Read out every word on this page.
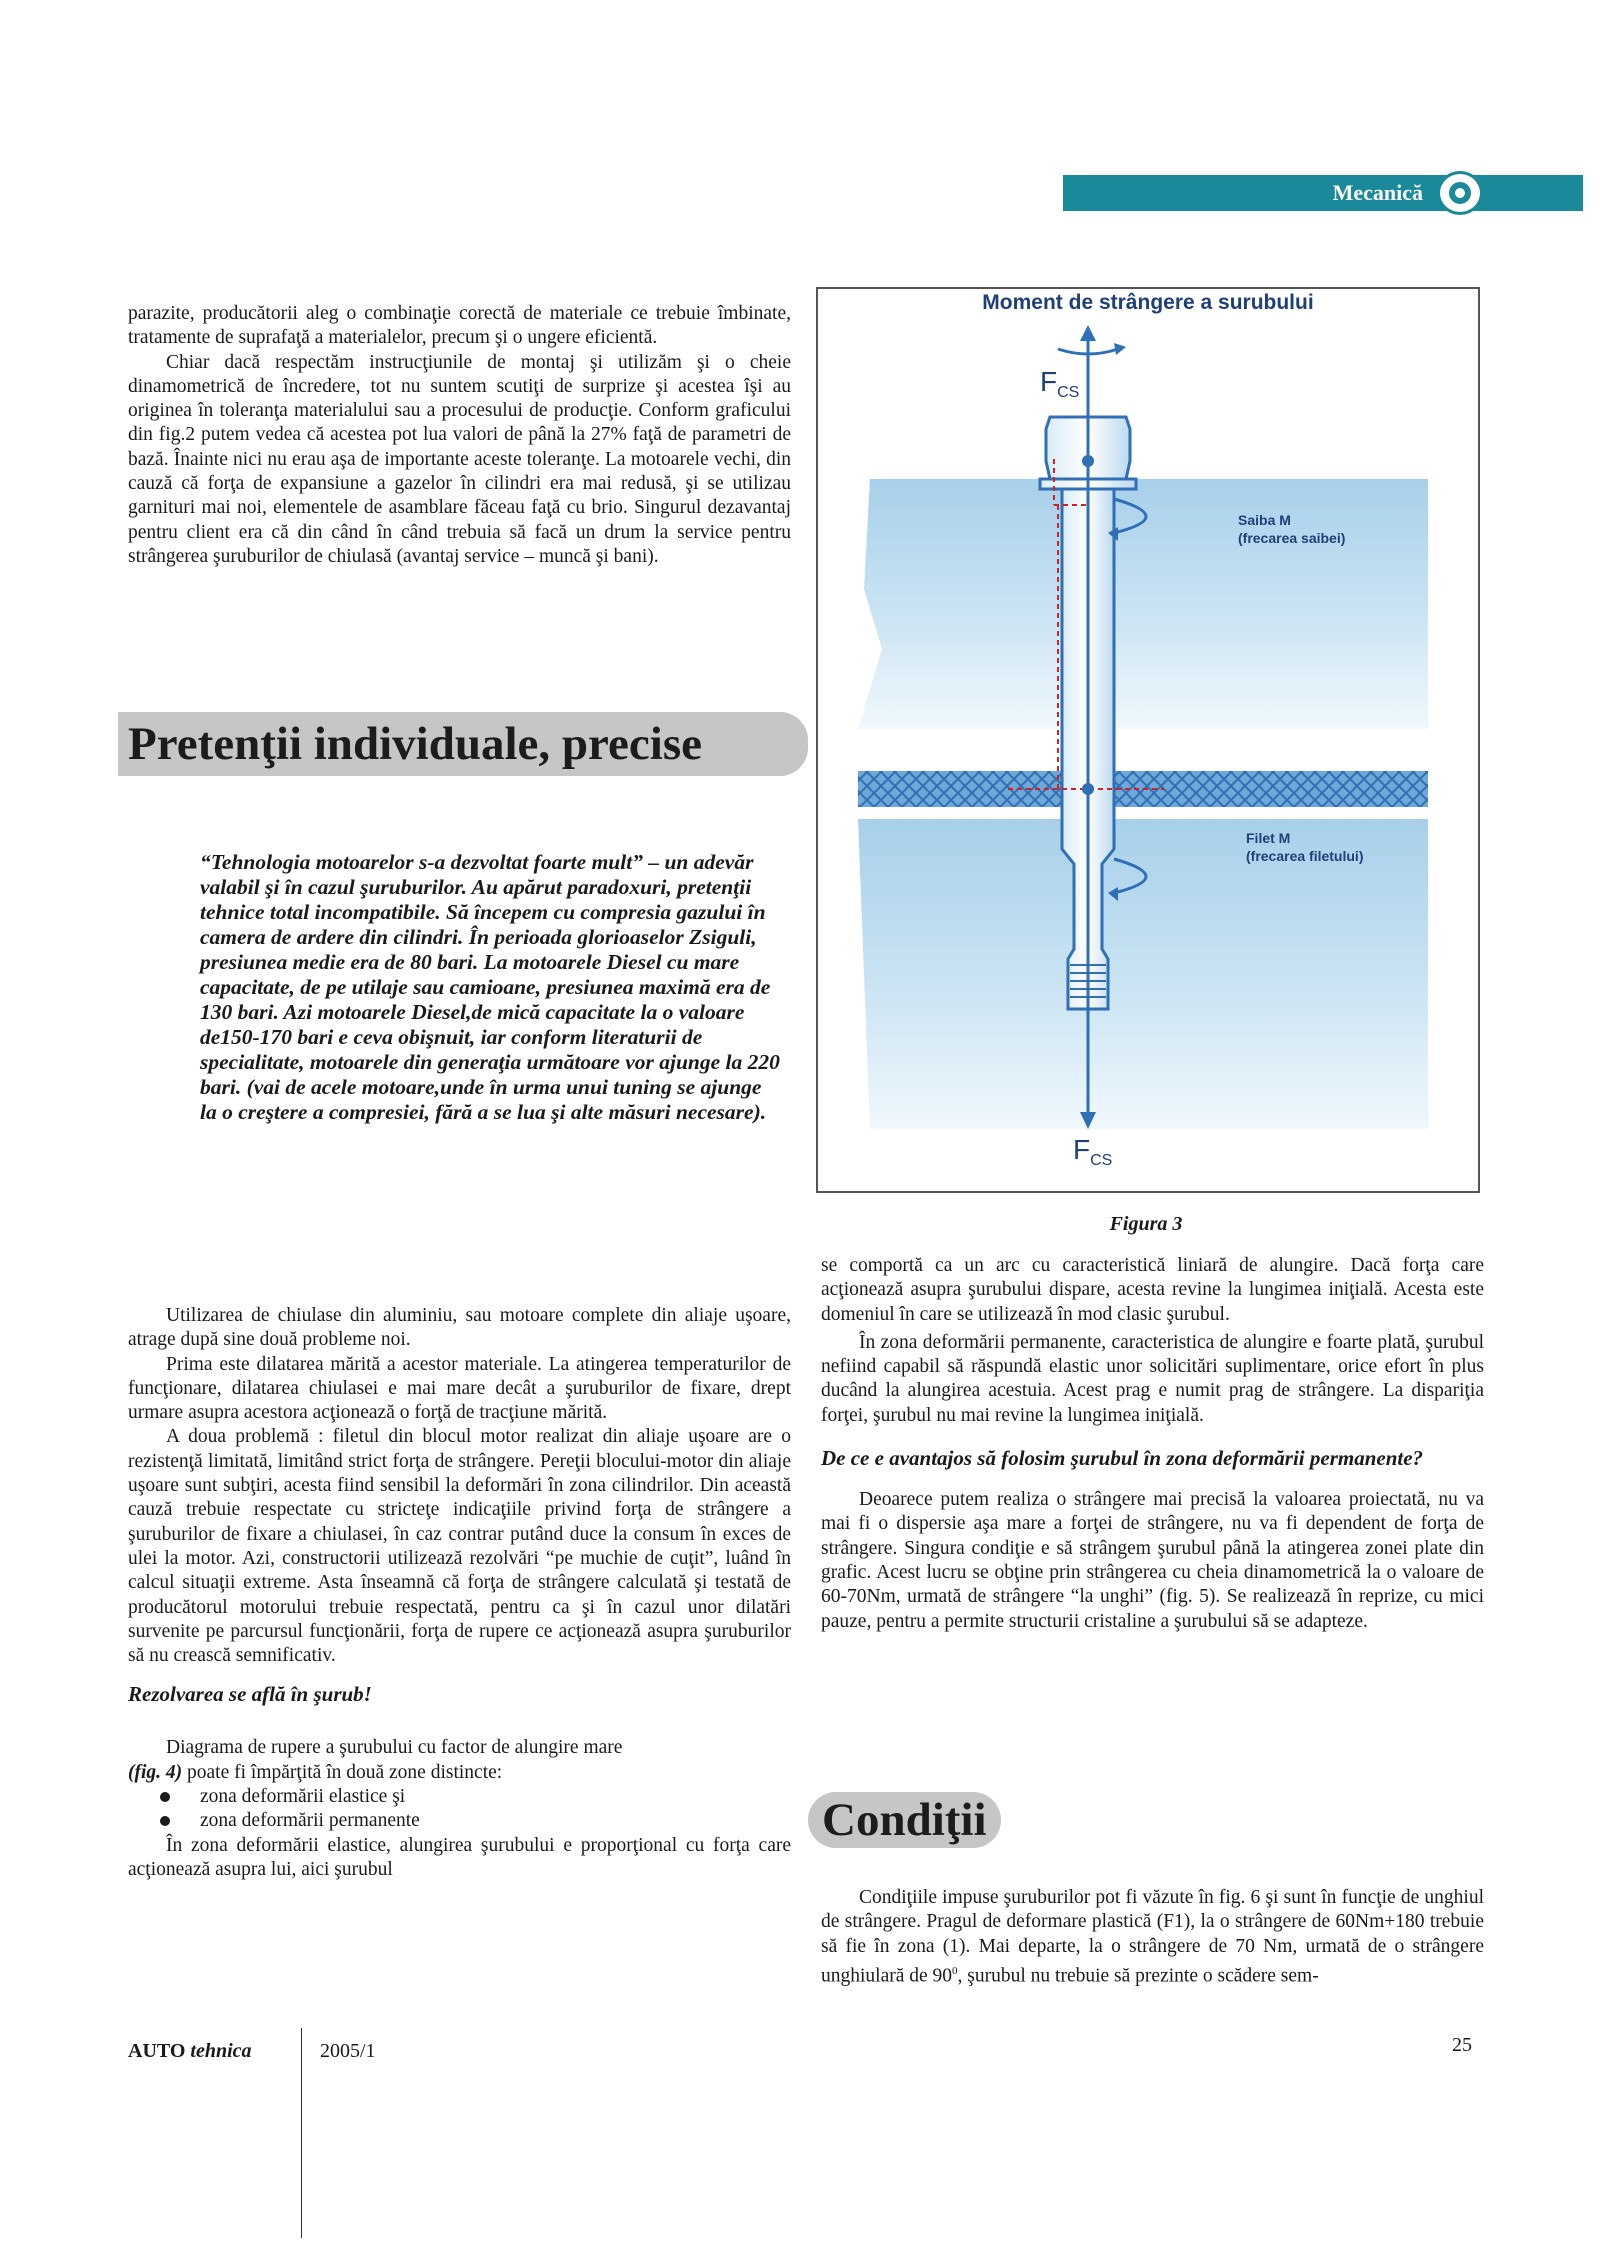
Mecanică

parazite, producătorii aleg o combinaţie corectă de materiale ce trebuie îmbinate, tratamente de suprafaţă a materialelor, precum şi o ungere eficientă.

Chiar dacă respectăm instrucţiunile de montaj şi utilizăm şi o cheie dinamometrică de încredere, tot nu suntem scutiţi de surprize şi acestea îşi au originea în toleranţa materialului sau a procesului de producţie. Conform graficului din fig.2 putem vedea că acestea pot lua valori de până la 27% faţă de parametri de bază. Înainte nici nu erau aşa de importante aceste toleranţe. La motoarele vechi, din cauză că forţa de expansiune a gazelor în cilindri era mai redusă, şi se utilizau garnituri mai noi, elementele de asamblare făceau faţă cu brio. Singurul dezavantaj pentru client era că din când în când trebuia să facă un drum la service pentru strângerea şuruburilor de chiulasă (avantaj service – muncă şi bani).

Pretenţii individuale, precise

“Tehnologia motoarelor s-a dezvoltat foarte mult” – un adevăr valabil şi în cazul şuruburilor. Au apărut paradoxuri, pretenţii tehnice total incompatibile. Să începem cu compresia gazului în camera de ardere din cilindri. În perioada glorioaselor Zsiguli, presiunea medie era de 80 bari. La motoarele Diesel cu mare capacitate, de pe utilaje sau camioane, presiunea maximă era de 130 bari. Azi motoarele Diesel,de mică capacitate la o valoare de150-170 bari e ceva obişnuit, iar conform literaturii de specialitate, motoarele din generaţia următoare vor ajunge la 220 bari. (vai de acele motoare,unde în urma unui tuning se ajunge la o creştere a compresiei, fără a se lua şi alte măsuri necesare).

Utilizarea de chiulase din aluminiu, sau motoare complete din aliaje uşoare, atrage după sine două probleme noi.

Prima este dilatarea mărită a acestor materiale. La atingerea temperaturilor de funcţionare, dilatarea chiulasei e mai mare decât a şuruburilor de fixare, drept urmare asupra acestora acţionează o forţă de tracţiune mărită.

A doua problemă : filetul din blocul motor realizat din aliaje uşoare are o rezistenţă limitată, limitând strict forţa de strângere. Pereţii blocului-motor din aliaje uşoare sunt subţiri, acesta fiind sensibil la deformări în zona cilindrilor. Din această cauză trebuie respectate cu stricteţe indicaţiile privind forţa de strângere a şuruburilor de fixare a chiulasei, în caz contrar putând duce la consum în exces de ulei la motor. Azi, constructorii utilizează rezolvări “pe muchie de cuţit”, luând în calcul situaţii extreme. Asta înseamnă că forţa de strângere calculată şi testată de producătorul motorului trebuie respectată, pentru ca şi în cazul unor dilatări survenite pe parcursul funcţionării, forţa de rupere ce acţionează asupra şuruburilor să nu crească semnificativ.

Rezolvarea se află în şurub!

Diagrama de rupere a şurubului cu factor de alungire mare
(fig. 4) poate fi împărţită în două zone distincte:

zona deformării elastice şi
zona deformării permanente

În zona deformării elastice, alungirea şurubului e proporţional cu forţa care acţionează asupra lui, aici şurubul

Moment de strângere a surubului
$F_{CS}$
$F_{CS}$
Saiba M
(frecarea saibei)
Filet M
(frecarea filetului)
Figura 3

se comportă ca un arc cu caracteristică liniară de alungire. Dacă forţa care acţionează asupra şurubului dispare, acesta revine la lungimea iniţială. Acesta este domeniul în care se utilizează în mod clasic şurubul.

În zona deformării permanente, caracteristica de alungire e foarte plată, şurubul nefiind capabil să răspundă elastic unor solicitări suplimentare, orice efort în plus ducând la alungirea acestuia. Acest prag e numit prag de strângere. La dispariţia forţei, şurubul nu mai revine la lungimea iniţială.

De ce e avantajos să folosim şurubul în zona deformării permanente?

Deoarece putem realiza o strângere mai precisă la valoarea proiectată, nu va mai fi o dispersie aşa mare a forţei de strângere, nu va fi dependent de forţa de strângere. Singura condiţie e să strângem şurubul până la atingerea zonei plate din grafic. Acest lucru se obţine prin strângerea cu cheia dinamometrică la o valoare de 60-70Nm, urmată de strângere “la unghi” (fig. 5). Se realizează în reprize, cu mici pauze, pentru a permite structurii cristaline a şurubului să se adapteze.

Condiţii

Condiţiile impuse şuruburilor pot fi văzute în fig. 6 şi sunt în funcţie de unghiul de strângere. Pragul de deformare plastică (F1), la o strângere de 60Nm+180 trebuie să fie în zona (1). Mai departe, la o strângere de 70 Nm, urmată de o strângere unghiulară de $90^0$, şurubul nu trebuie să prezinte o scădere sem-

AUTO tehnica	2005/1	25
